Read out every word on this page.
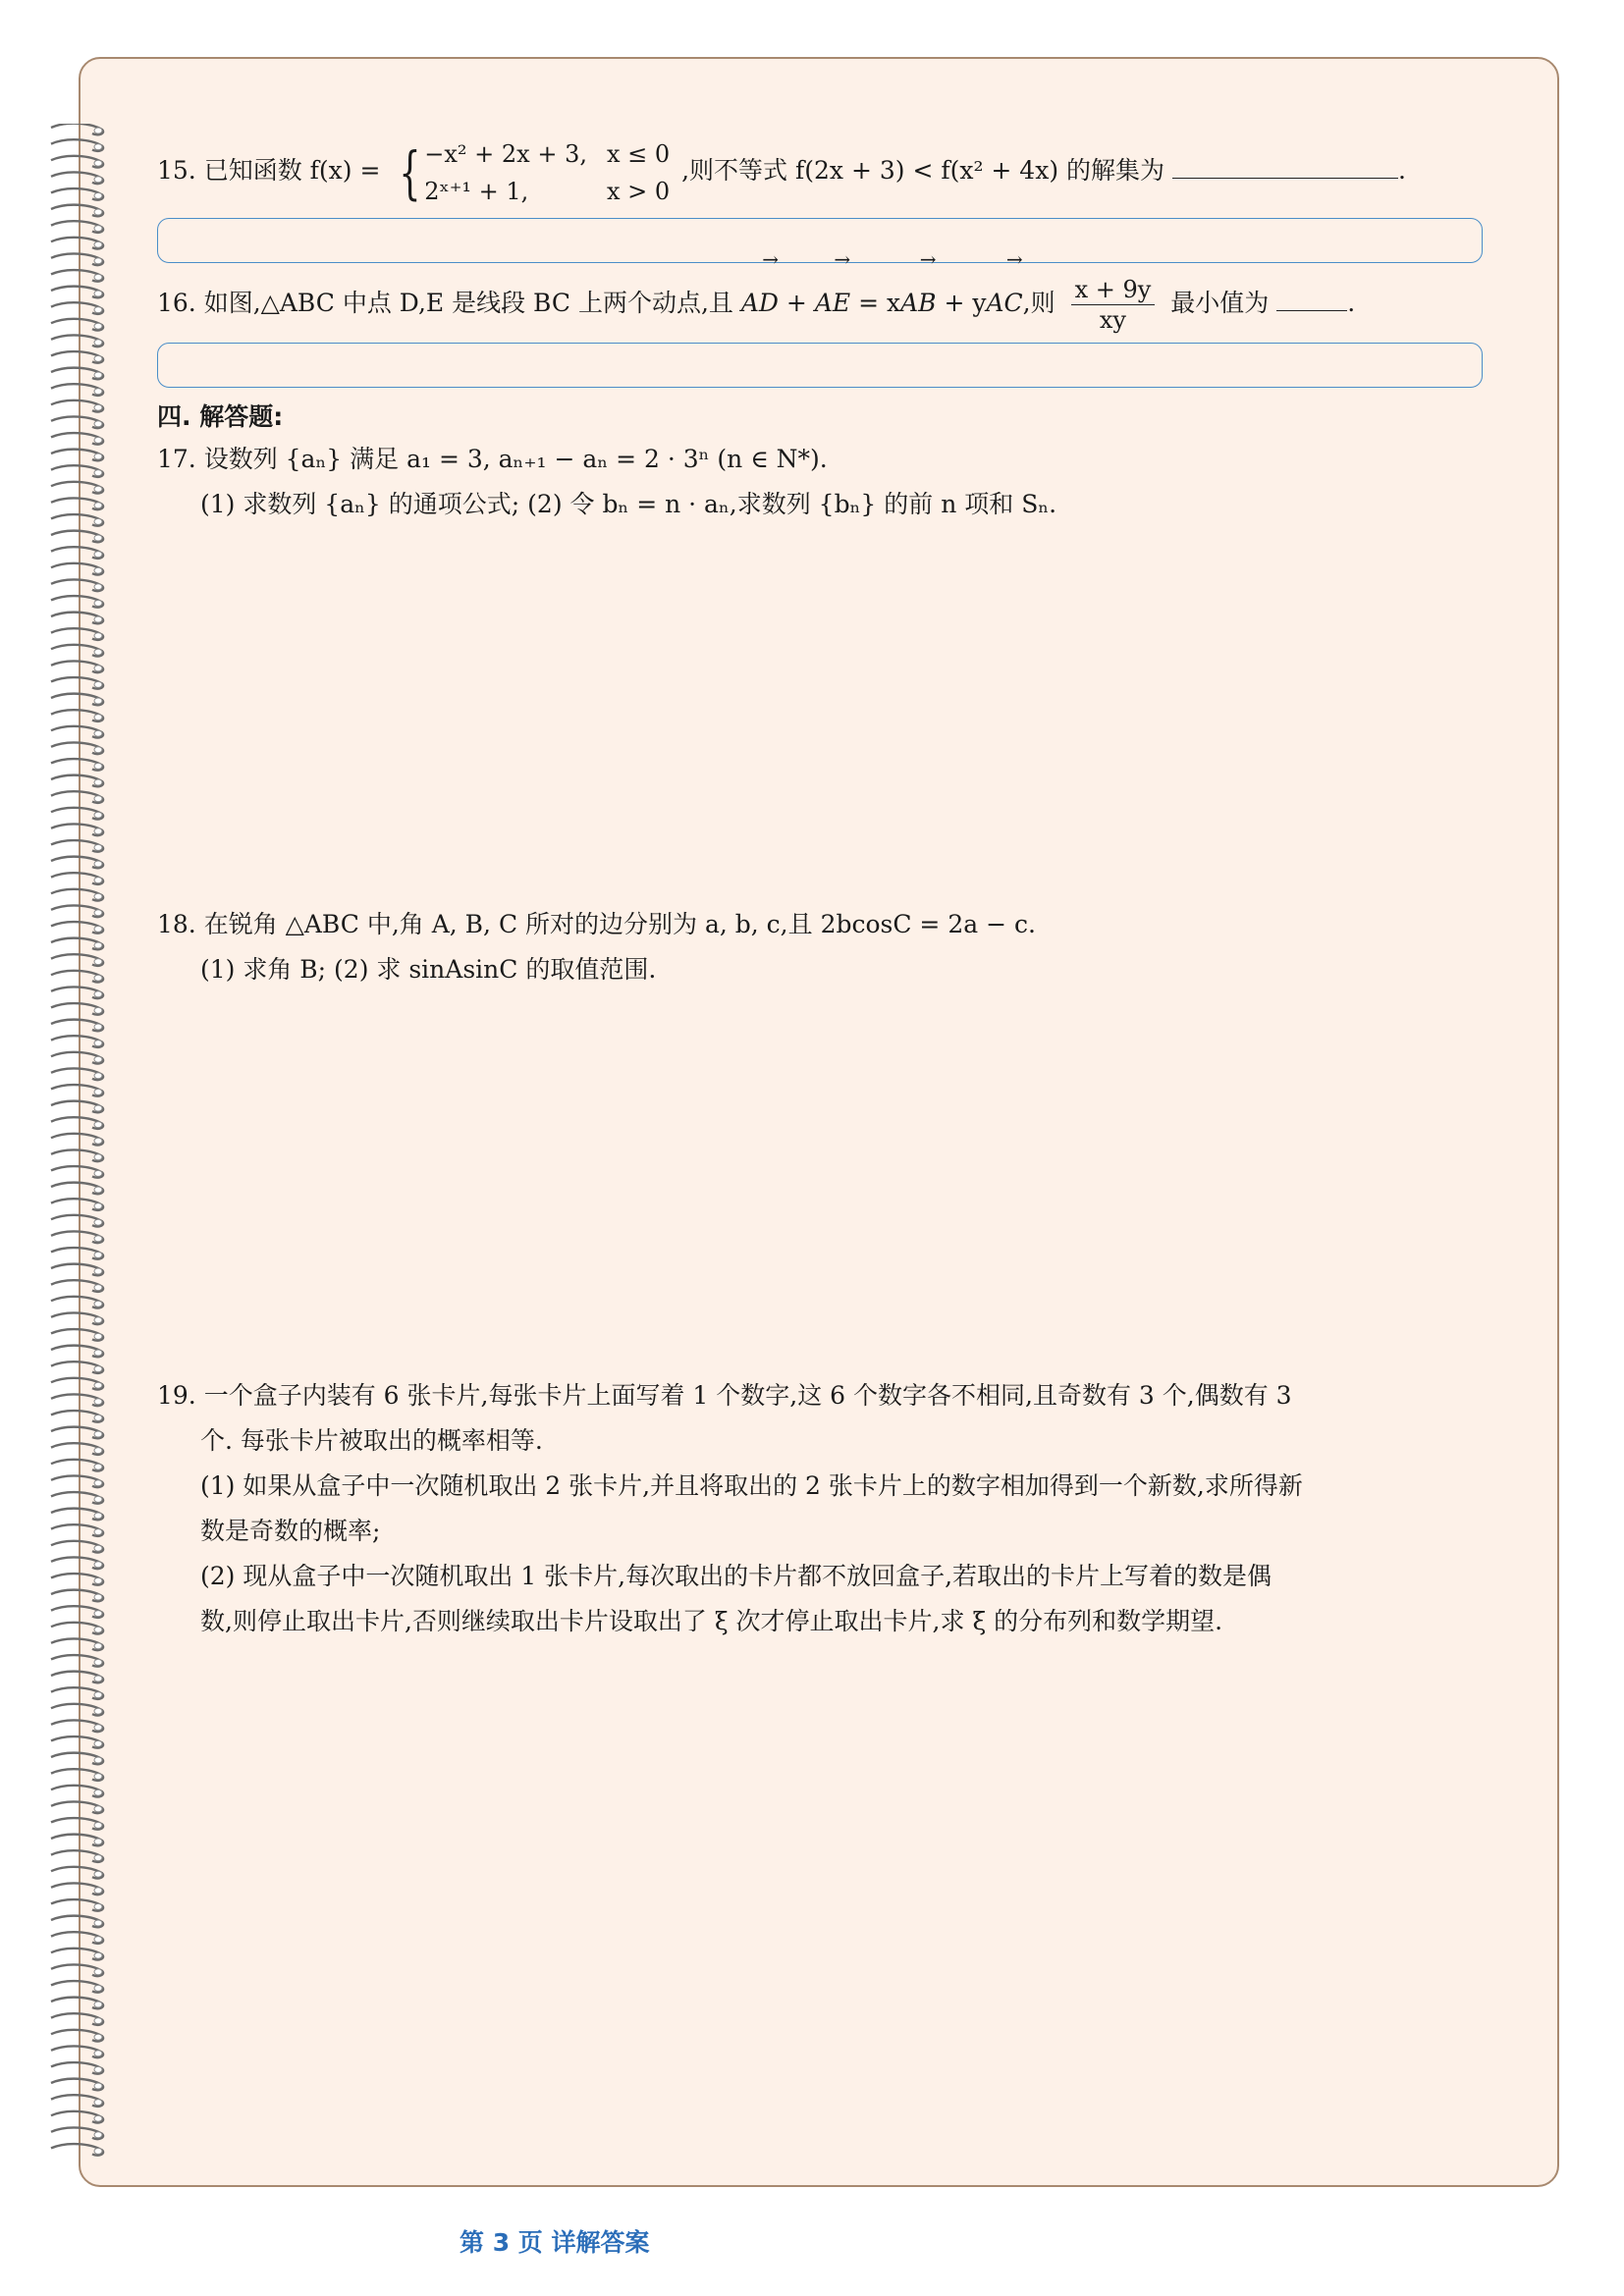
15. 已知函数 f(x) = { −x² + 2x + 3, x ≤ 0
2ˣ⁺¹ + 1,	x > 0
,则不等式 f(2x + 3) < f(x² + 4x) 的解集为	.
16. 如图,△ABC 中点 D,E 是线段 BC 上两个动点,且 → AD + → AE = x→ AB + y→ AC,则 $\frac{x + 9y}{xy}$ 最小值为	.
四. 解答题:
17. 设数列 {aₙ} 满足 a₁ = 3, aₙ₊₁ − aₙ = 2 · 3ⁿ (n ∈ N*).
(1) 求数列 {aₙ} 的通项公式; (2) 令 bₙ = n · aₙ,求数列 {bₙ} 的前 n 项和 Sₙ.
18. 在锐角 △ABC 中,角 A, B, C 所对的边分别为 a, b, c,且 2bcosC = 2a − c.
(1) 求角 B; (2) 求 sinAsinC 的取值范围.
19. 一个盒子内装有 6 张卡片,每张卡片上面写着 1 个数字,这 6 个数字各不相同,且奇数有 3 个,偶数有 3
个. 每张卡片被取出的概率相等.
(1) 如果从盒子中一次随机取出 2 张卡片,并且将取出的 2 张卡片上的数字相加得到一个新数,求所得新
数是奇数的概率;
(2) 现从盒子中一次随机取出 1 张卡片,每次取出的卡片都不放回盒子,若取出的卡片上写着的数是偶
数,则停止取出卡片,否则继续取出卡片设取出了 ξ 次才停止取出卡片,求 ξ 的分布列和数学期望.
第 3 页 详解答案
